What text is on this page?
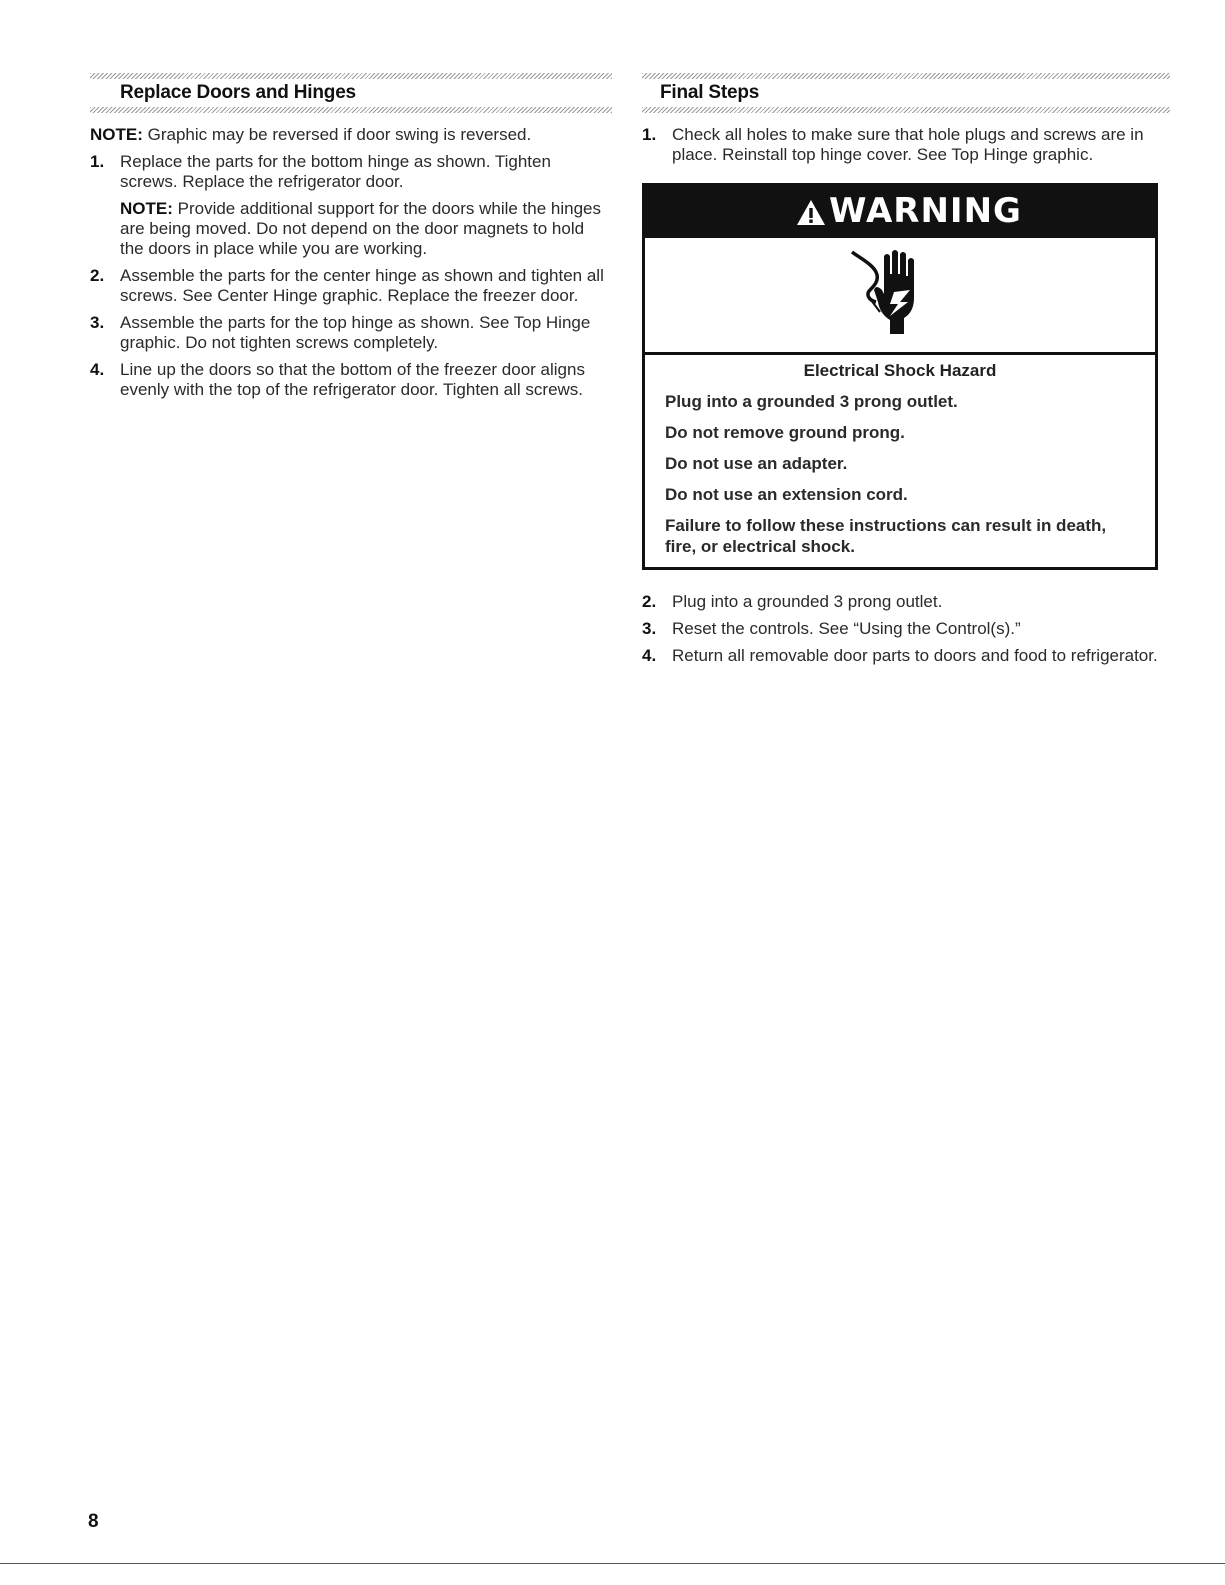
Replace Doors and Hinges

NOTE: Graphic may be reversed if door swing is reversed.

1. Replace the parts for the bottom hinge as shown. Tighten screws. Replace the refrigerator door.

NOTE: Provide additional support for the doors while the hinges are being moved. Do not depend on the door magnets to hold the doors in place while you are working.

2. Assemble the parts for the center hinge as shown and tighten all screws. See Center Hinge graphic. Replace the freezer door.
3. Assemble the parts for the top hinge as shown. See Top Hinge graphic. Do not tighten screws completely.
4. Line up the doors so that the bottom of the freezer door aligns evenly with the top of the refrigerator door. Tighten all screws.
Final Steps
1. Check all holes to make sure that hole plugs and screws are in place. Reinstall top hinge cover. See Top Hinge graphic.
WARNING
Electrical Shock Hazard
Plug into a grounded 3 prong outlet.
Do not remove ground prong.
Do not use an adapter.
Do not use an extension cord.
Failure to follow these instructions can result in death, fire, or electrical shock.
2. Plug into a grounded 3 prong outlet.
3. Reset the controls. See “Using the Control(s).”
4. Return all removable door parts to doors and food to refrigerator.
8
